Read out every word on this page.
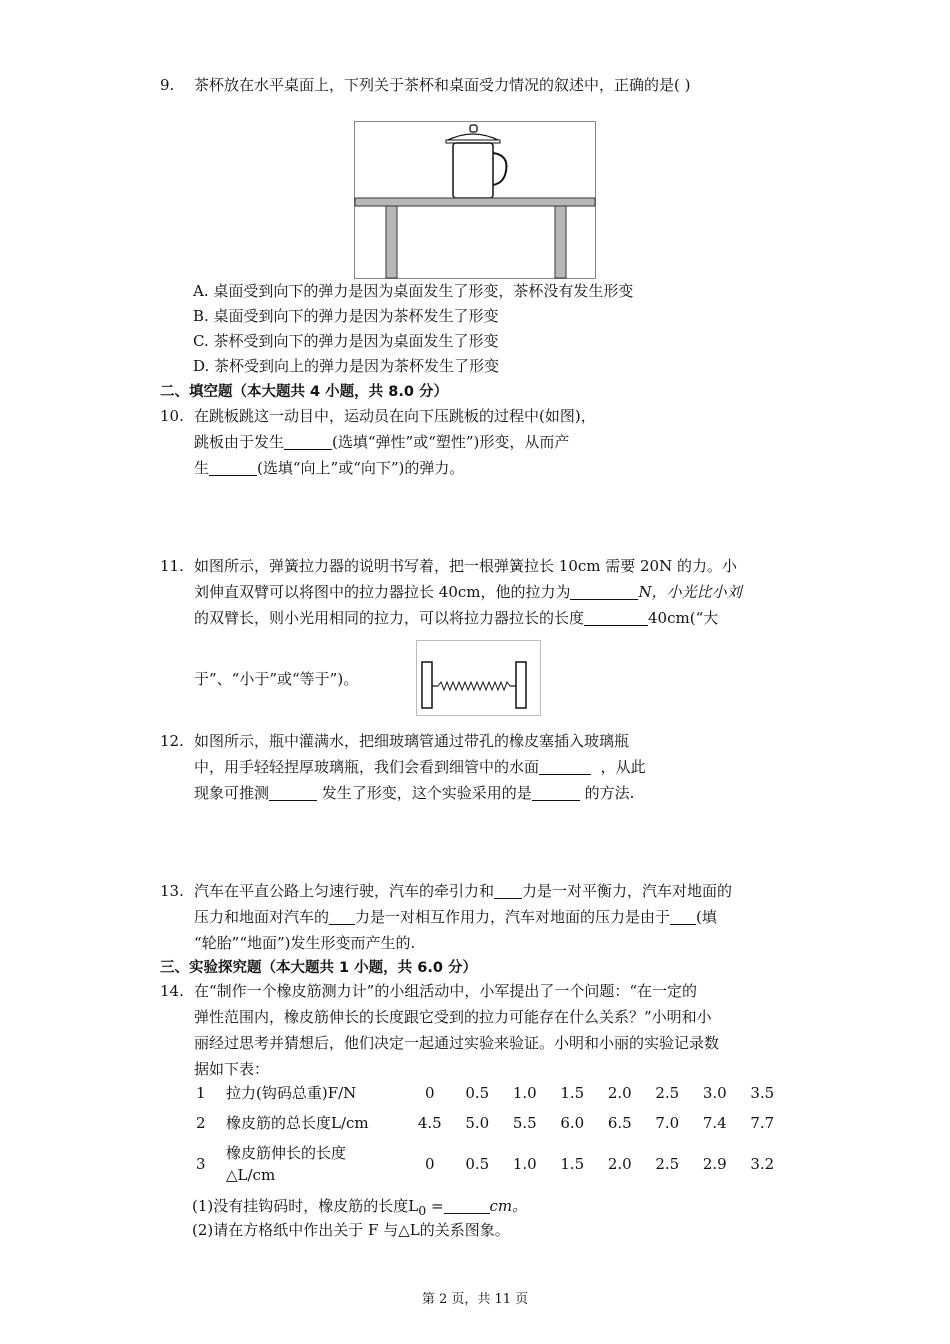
9. 茶杯放在水平桌面上，下列关于茶杯和桌面受力情况的叙述中，正确的是( )
A. 桌面受到向下的弹力是因为桌面发生了形变，茶杯没有发生形变
B. 桌面受到向下的弹力是因为茶杯发生了形变
C. 茶杯受到向下的弹力是因为桌面发生了形变
D. 茶杯受到向上的弹力是因为茶杯发生了形变
二、填空题（本大题共 4 小题，共 8.0 分）
10. 在跳板跳这一动目中，运动员在向下压跳板的过程中(如图)，
跳板由于发生	(选填“弹性”或“塑性”)形变，从而产
生	(选填“向上”或“向下”)的弹力。
11. 如图所示，弹簧拉力器的说明书写着，把一根弹簧拉长 10cm 需要 20N 的力。小
刘伸直双臂可以将图中的拉力器拉长 40cm，他的拉力为	N，小光比小刘
的双臂长，则小光用相同的拉力，可以将拉力器拉长的长度	40cm(“大
于”、“小于”或“等于”)。
12. 如图所示，瓶中灌满水，把细玻璃管通过带孔的橡皮塞插入玻璃瓶
中，用手轻轻捏厚玻璃瓶，我们会看到细管中的水面	，从此
现象可推测	发生了形变，这个实验采用的是	的方法.
13. 汽车在平直公路上匀速行驶，汽车的牵引力和 力是一对平衡力，汽车对地面的
压力和地面对汽车的 力是一对相互作用力，汽车对地面的压力是由于 (填
“轮胎”“地面”)发生形变而产生的.
三、实验探究题（本大题共 1 小题，共 6.0 分）
14. 在“制作一个橡皮筋测力计”的小组活动中，小军提出了一个问题：“在一定的
弹性范围内，橡皮筋伸长的长度跟它受到的拉力可能存在什么关系？”小明和小
丽经过思考并猜想后，他们决定一起通过实验来验证。小明和小丽的实验记录数
据如下表：
1	拉力(钩码总重)F/N	0	0.5	1.0	1.5	2.0	2.5	3.0	3.5
2	橡皮筋的总长度L/cm	4.5	5.0	5.5	6.0	6.5	7.0	7.4	7.7
3	橡皮筋伸长的长度△L/cm	0	0.5	1.0	1.5	2.0	2.5	2.9	3.2
(1)没有挂钩码时，橡皮筋的长度$L_0$ =	cm。
(2)请在方格纸中作出关于 F 与△L的关系图象。
第 2 页，共 11 页
